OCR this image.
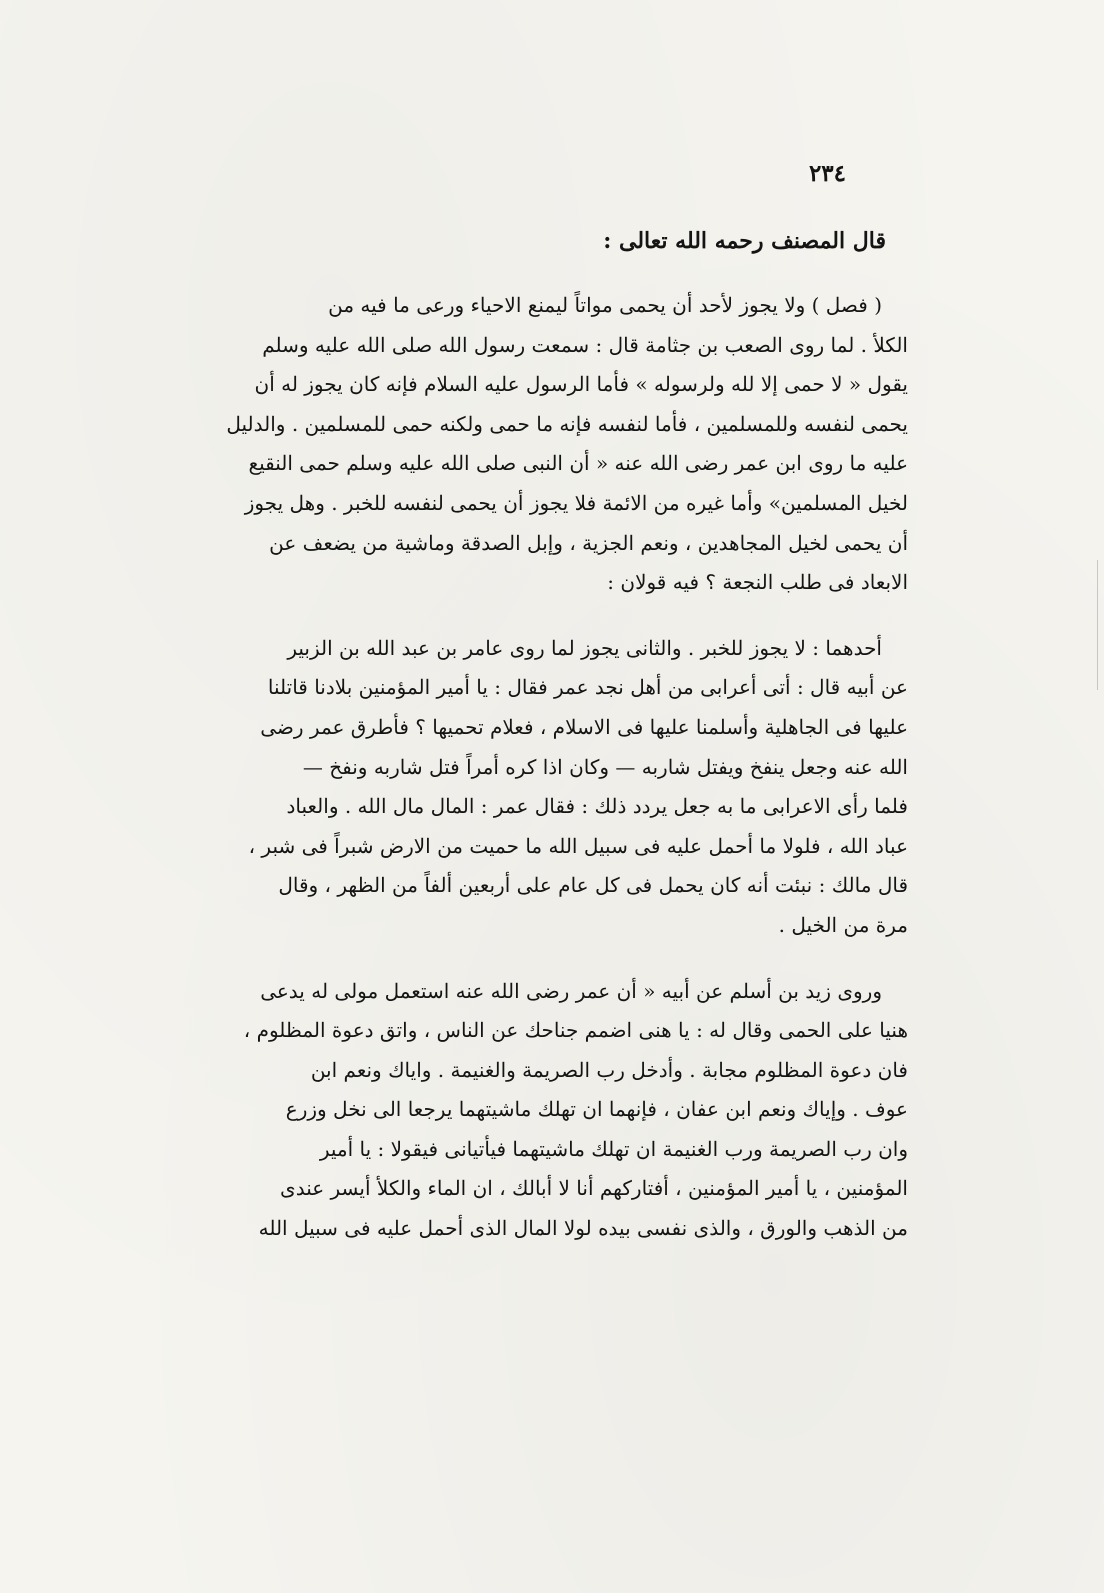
٢٣٤
قال المصنف رحمه الله تعالى :
( فصل ) ولا يجوز لأحد أن يحمى مواتاً ليمنع الاحياء ورعى ما فيه من
الكلأ . لما روى الصعب بن جثامة قال : سمعت رسول الله صلى الله عليه وسلم
يقول « لا حمى إلا لله ولرسوله » فأما الرسول عليه السلام فإنه كان يجوز له أن
يحمى لنفسه وللمسلمين ، فأما لنفسه فإنه ما حمى ولكنه حمى للمسلمين . والدليل
عليه ما روى ابن عمر رضى الله عنه « أن النبى صلى الله عليه وسلم حمى النقيع
لخيل المسلمين» وأما غيره من الائمة فلا يجوز أن يحمى لنفسه للخبر . وهل يجوز
أن يحمى لخيل المجاهدين ، ونعم الجزية ، وإبل الصدقة وماشية من يضعف عن
الابعاد فى طلب النجعة ؟ فيه قولان :
أحدهما : لا يجوز للخبر . والثانى يجوز لما روى عامر بن عبد الله بن الزبير
عن أبيه قال : أتى أعرابى من أهل نجد عمر فقال : يا أمير المؤمنين بلادنا قاتلنا
عليها فى الجاهلية وأسلمنا عليها فى الاسلام ، فعلام تحميها ؟ فأطرق عمر رضى
الله عنه وجعل ينفخ ويفتل شاربه — وكان اذا كره أمراً فتل شاربه ونفخ —
فلما رأى الاعرابى ما به جعل يردد ذلك : فقال عمر : المال مال الله . والعباد
عباد الله ، فلولا ما أحمل عليه فى سبيل الله ما حميت من الارض شبراً فى شبر ،
قال مالك : نبئت أنه كان يحمل فى كل عام على أربعين ألفاً من الظهر ، وقال
مرة من الخيل .
وروى زيد بن أسلم عن أبيه « أن عمر رضى الله عنه استعمل مولى له يدعى
هنيا على الحمى وقال له : يا هنى اضمم جناحك عن الناس ، واتق دعوة المظلوم ،
فان دعوة المظلوم مجابة . وأدخل رب الصريمة والغنيمة . واياك ونعم ابن
عوف . وإياك ونعم ابن عفان ، فإنهما ان تهلك ماشيتهما يرجعا الى نخل وزرع
وان رب الصريمة ورب الغنيمة ان تهلك ماشيتهما فيأتيانى فيقولا : يا أمير
المؤمنين ، يا أمير المؤمنين ، أفتاركهم أنا لا أبالك ، ان الماء والكلأ أيسر عندى
من الذهب والورق ، والذى نفسى بيده لولا المال الذى أحمل عليه فى سبيل الله
